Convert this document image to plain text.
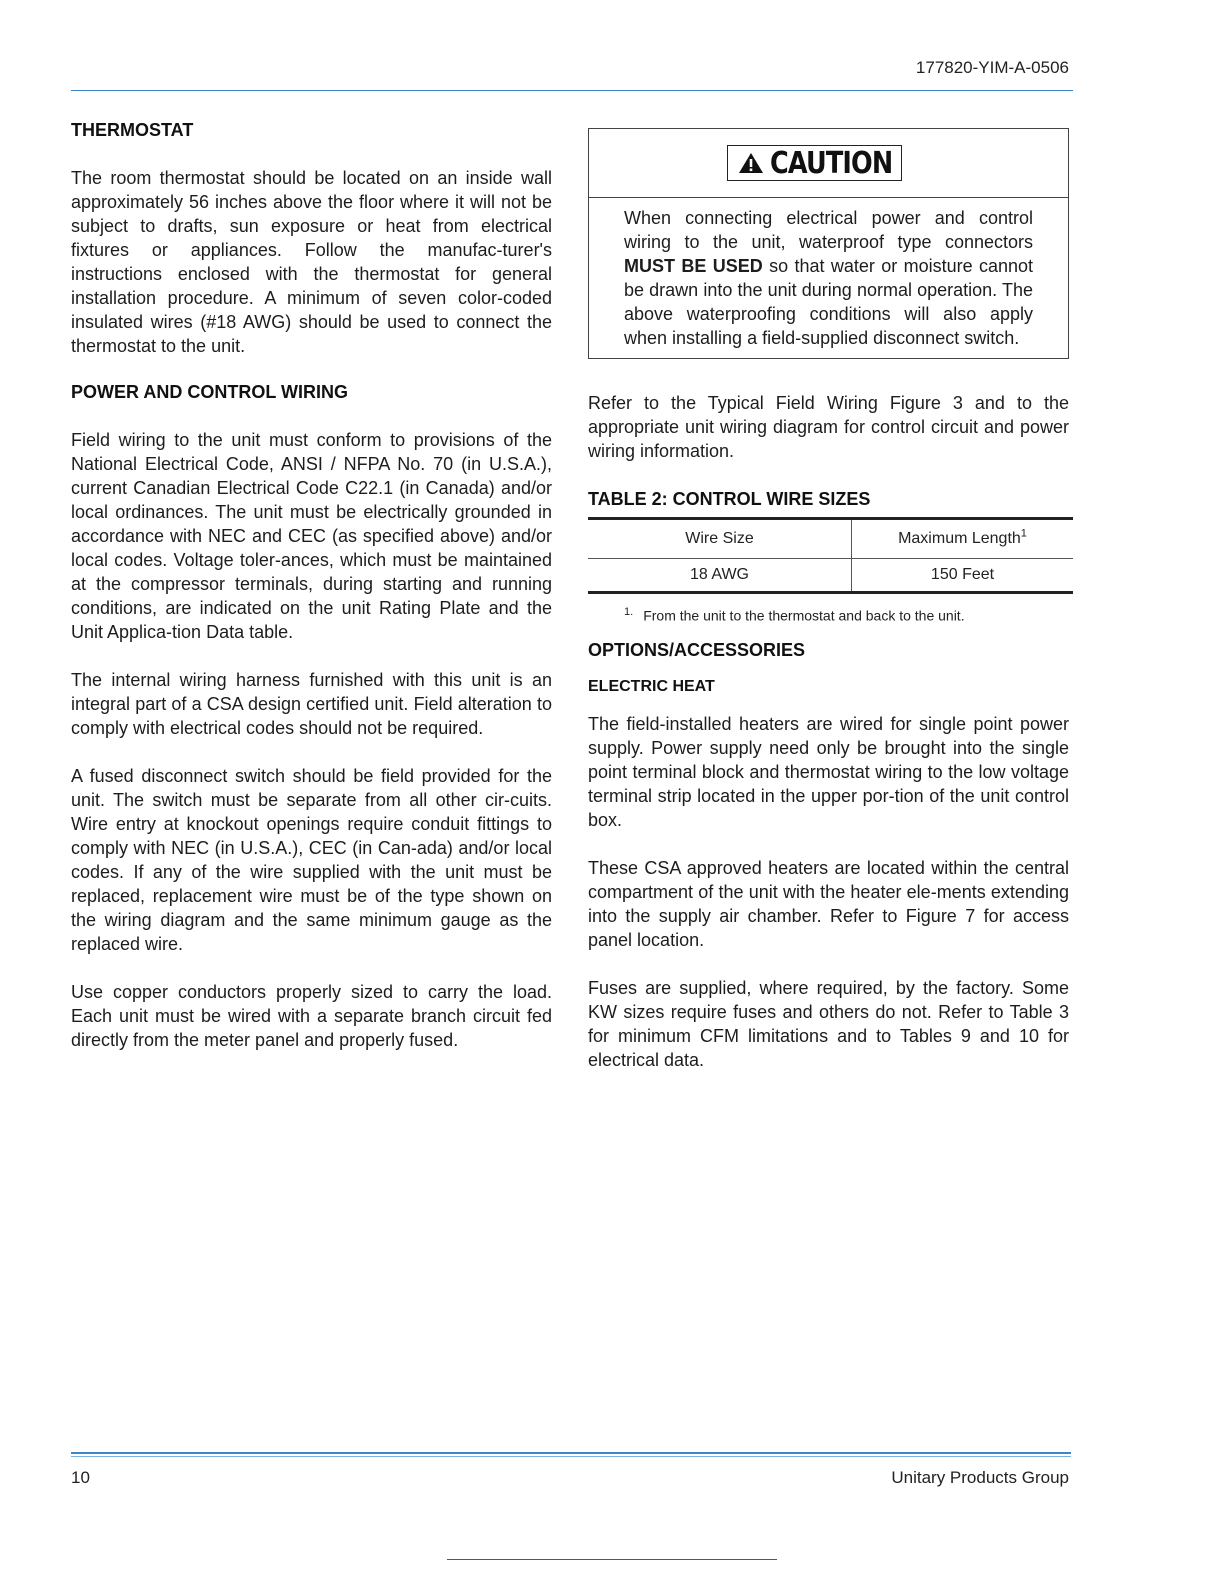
177820-YIM-A-0506
THERMOSTAT

The room thermostat should be located on an inside wall approximately 56 inches above the floor where it will not be subject to drafts, sun exposure or heat from electrical fixtures or appliances. Follow the manufac-turer's instructions enclosed with the thermostat for general installation procedure. A minimum of seven color-coded insulated wires (#18 AWG) should be used to connect the thermostat to the unit.

POWER AND CONTROL WIRING

Field wiring to the unit must conform to provisions of the National Electrical Code, ANSI / NFPA No. 70 (in U.S.A.), current Canadian Electrical Code C22.1 (in Canada) and/or local ordinances. The unit must be electrically grounded in accordance with NEC and CEC (as specified above) and/or local codes. Voltage toler-ances, which must be maintained at the compressor terminals, during starting and running conditions, are indicated on the unit Rating Plate and the Unit Applica-tion Data table.

The internal wiring harness furnished with this unit is an integral part of a CSA design certified unit. Field alteration to comply with electrical codes should not be required.

A fused disconnect switch should be field provided for the unit. The switch must be separate from all other cir-cuits. Wire entry at knockout openings require conduit fittings to comply with NEC (in U.S.A.), CEC (in Can-ada) and/or local codes. If any of the wire supplied with the unit must be replaced, replacement wire must be of the type shown on the wiring diagram and the same minimum gauge as the replaced wire.

Use copper conductors properly sized to carry the load. Each unit must be wired with a separate branch circuit fed directly from the meter panel and properly fused.

CAUTION

When connecting electrical power and control wiring to the unit, waterproof type connectors MUST BE USED so that water or moisture cannot be drawn into the unit during normal operation. The above waterproofing conditions will also apply when installing a field-supplied disconnect switch.

Refer to the Typical Field Wiring Figure 3 and to the appropriate unit wiring diagram for control circuit and power wiring information.

TABLE 2: CONTROL WIRE SIZES
Wire Size	Maximum Length$^1$
18 AWG	150 Feet
$^{1.}$ From the unit to the thermostat and back to the unit.
OPTIONS/ACCESSORIES
ELECTRIC HEAT

The field-installed heaters are wired for single point power supply. Power supply need only be brought into the single point terminal block and thermostat wiring to the low voltage terminal strip located in the upper por-tion of the unit control box.

These CSA approved heaters are located within the central compartment of the unit with the heater ele-ments extending into the supply air chamber. Refer to Figure 7 for access panel location.

Fuses are supplied, where required, by the factory. Some KW sizes require fuses and others do not. Refer to Table 3 for minimum CFM limitations and to Tables 9 and 10 for electrical data.

10	Unitary Products Group
